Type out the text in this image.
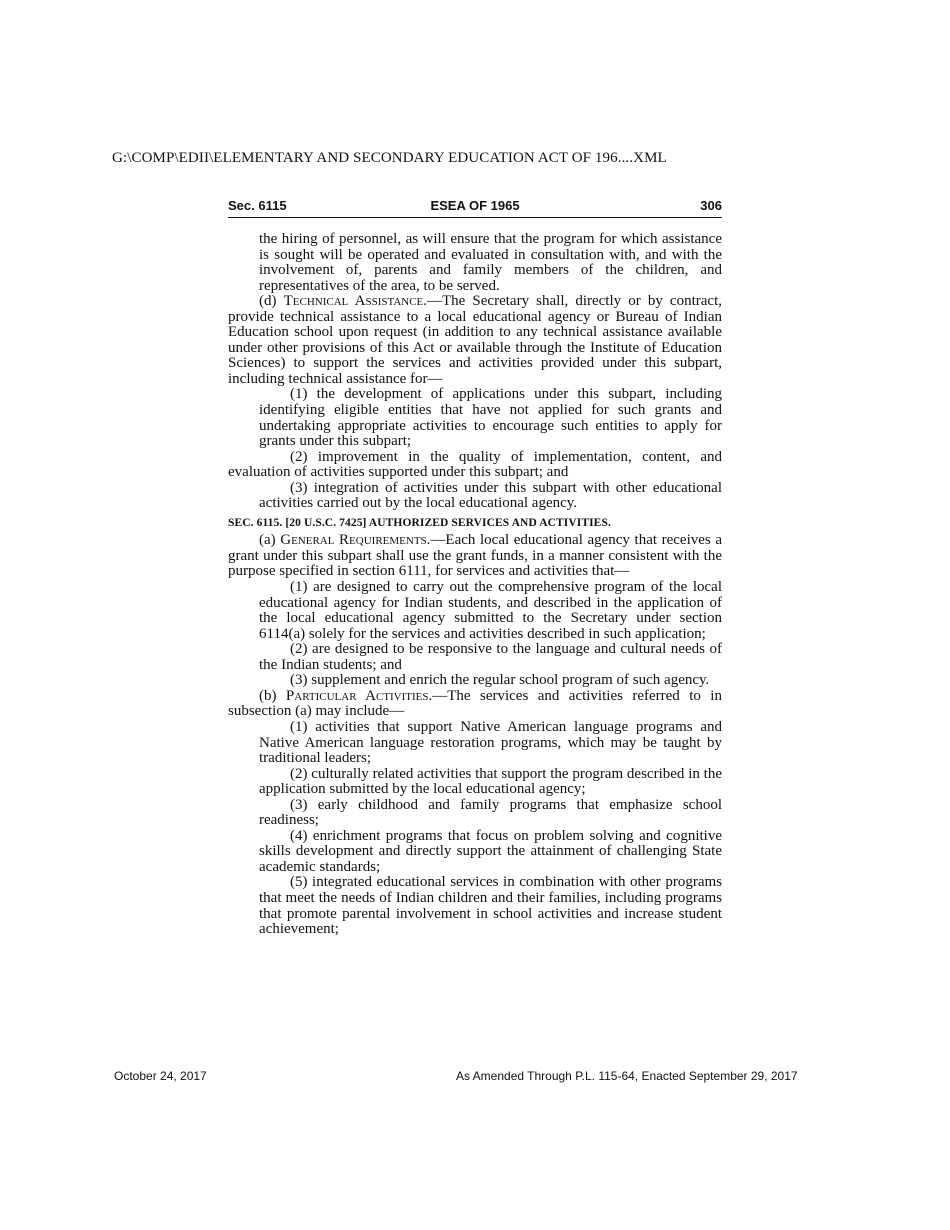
G:\COMP\EDII\ELEMENTARY AND SECONDARY EDUCATION ACT OF 196....XML
Sec. 6115	ESEA OF 1965	306

the hiring of personnel, as will ensure that the program for which assistance is sought will be operated and evaluated in consultation with, and with the involvement of, parents and family members of the children, and representatives of the area, to be served.

(d) Technical Assistance.—The Secretary shall, directly or by contract, provide technical assistance to a local educational agency or Bureau of Indian Education school upon request (in addition to any technical assistance available under other provisions of this Act or available through the Institute of Education Sciences) to support the services and activities provided under this subpart, including technical assistance for—

(1) the development of applications under this subpart, including identifying eligible entities that have not applied for such grants and undertaking appropriate activities to encourage such entities to apply for grants under this subpart;

(2) improvement in the quality of implementation, content, and evaluation of activities supported under this subpart; and

(3) integration of activities under this subpart with other educational activities carried out by the local educational agency.

SEC. 6115. [20 U.S.C. 7425] AUTHORIZED SERVICES AND ACTIVITIES.

(a) General Requirements.—Each local educational agency that receives a grant under this subpart shall use the grant funds, in a manner consistent with the purpose specified in section 6111, for services and activities that—

(1) are designed to carry out the comprehensive program of the local educational agency for Indian students, and described in the application of the local educational agency submitted to the Secretary under section 6114(a) solely for the services and activities described in such application;

(2) are designed to be responsive to the language and cultural needs of the Indian students; and

(3) supplement and enrich the regular school program of such agency.

(b) Particular Activities.—The services and activities referred to in subsection (a) may include—

(1) activities that support Native American language programs and Native American language restoration programs, which may be taught by traditional leaders;

(2) culturally related activities that support the program described in the application submitted by the local educational agency;

(3) early childhood and family programs that emphasize school readiness;

(4) enrichment programs that focus on problem solving and cognitive skills development and directly support the attainment of challenging State academic standards;

(5) integrated educational services in combination with other programs that meet the needs of Indian children and their families, including programs that promote parental involvement in school activities and increase student achievement;

October 24, 2017	As Amended Through P.L. 115-64, Enacted September 29, 2017
